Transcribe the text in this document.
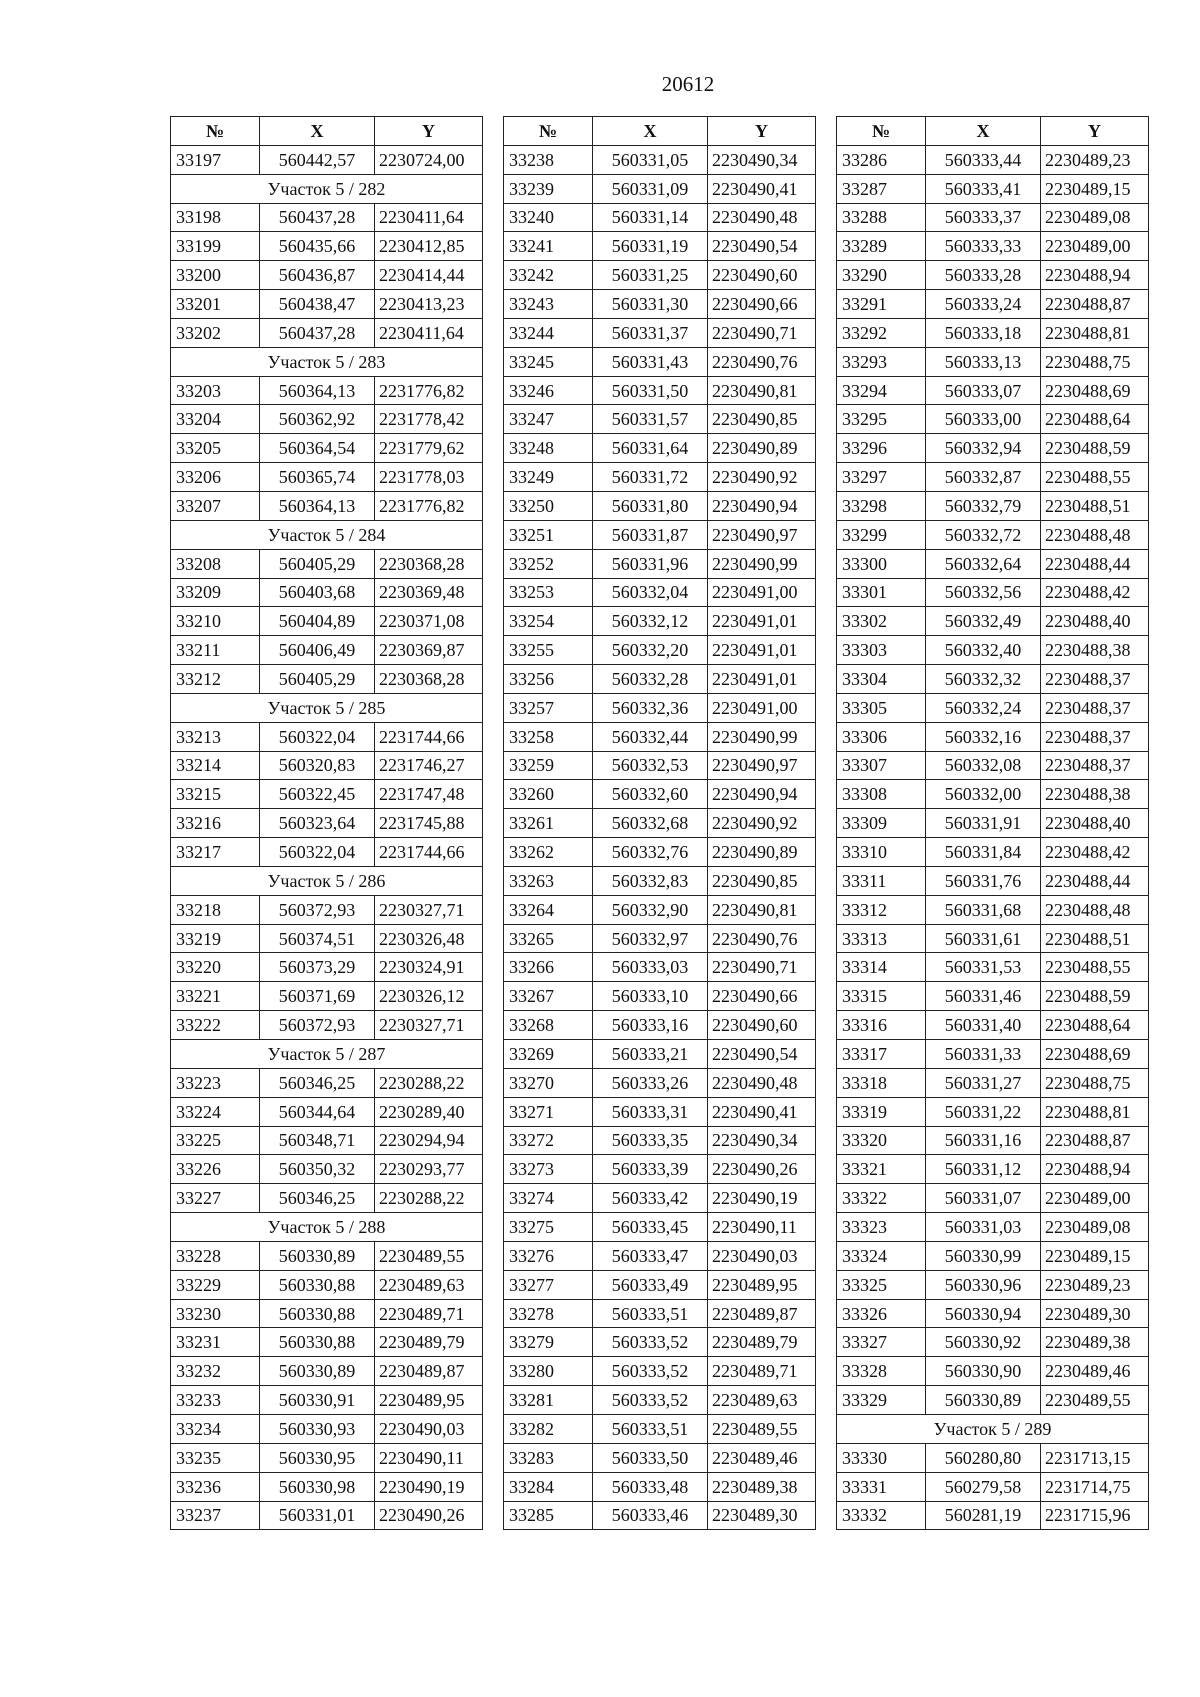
20612
№	X	Y
33197	560442,57	2230724,00
Участок 5 / 282		
33198	560437,28	2230411,64
33199	560435,66	2230412,85
33200	560436,87	2230414,44
33201	560438,47	2230413,23
33202	560437,28	2230411,64
Участок 5 / 283		
33203	560364,13	2231776,82
33204	560362,92	2231778,42
33205	560364,54	2231779,62
33206	560365,74	2231778,03
33207	560364,13	2231776,82
Участок 5 / 284		
33208	560405,29	2230368,28
33209	560403,68	2230369,48
33210	560404,89	2230371,08
33211	560406,49	2230369,87
33212	560405,29	2230368,28
Участок 5 / 285		
33213	560322,04	2231744,66
33214	560320,83	2231746,27
33215	560322,45	2231747,48
33216	560323,64	2231745,88
33217	560322,04	2231744,66
Участок 5 / 286		
33218	560372,93	2230327,71
33219	560374,51	2230326,48
33220	560373,29	2230324,91
33221	560371,69	2230326,12
33222	560372,93	2230327,71
Участок 5 / 287		
33223	560346,25	2230288,22
33224	560344,64	2230289,40
33225	560348,71	2230294,94
33226	560350,32	2230293,77
33227	560346,25	2230288,22
Участок 5 / 288		
33228	560330,89	2230489,55
33229	560330,88	2230489,63
33230	560330,88	2230489,71
33231	560330,88	2230489,79
33232	560330,89	2230489,87
33233	560330,91	2230489,95
33234	560330,93	2230490,03
33235	560330,95	2230490,11
33236	560330,98	2230490,19
33237	560331,01	2230490,26
№	X	Y
33238	560331,05	2230490,34
33239	560331,09	2230490,41
33240	560331,14	2230490,48
33241	560331,19	2230490,54
33242	560331,25	2230490,60
33243	560331,30	2230490,66
33244	560331,37	2230490,71
33245	560331,43	2230490,76
33246	560331,50	2230490,81
33247	560331,57	2230490,85
33248	560331,64	2230490,89
33249	560331,72	2230490,92
33250	560331,80	2230490,94
33251	560331,87	2230490,97
33252	560331,96	2230490,99
33253	560332,04	2230491,00
33254	560332,12	2230491,01
33255	560332,20	2230491,01
33256	560332,28	2230491,01
33257	560332,36	2230491,00
33258	560332,44	2230490,99
33259	560332,53	2230490,97
33260	560332,60	2230490,94
33261	560332,68	2230490,92
33262	560332,76	2230490,89
33263	560332,83	2230490,85
33264	560332,90	2230490,81
33265	560332,97	2230490,76
33266	560333,03	2230490,71
33267	560333,10	2230490,66
33268	560333,16	2230490,60
33269	560333,21	2230490,54
33270	560333,26	2230490,48
33271	560333,31	2230490,41
33272	560333,35	2230490,34
33273	560333,39	2230490,26
33274	560333,42	2230490,19
33275	560333,45	2230490,11
33276	560333,47	2230490,03
33277	560333,49	2230489,95
33278	560333,51	2230489,87
33279	560333,52	2230489,79
33280	560333,52	2230489,71
33281	560333,52	2230489,63
33282	560333,51	2230489,55
33283	560333,50	2230489,46
33284	560333,48	2230489,38
33285	560333,46	2230489,30
№	X	Y
33286	560333,44	2230489,23
33287	560333,41	2230489,15
33288	560333,37	2230489,08
33289	560333,33	2230489,00
33290	560333,28	2230488,94
33291	560333,24	2230488,87
33292	560333,18	2230488,81
33293	560333,13	2230488,75
33294	560333,07	2230488,69
33295	560333,00	2230488,64
33296	560332,94	2230488,59
33297	560332,87	2230488,55
33298	560332,79	2230488,51
33299	560332,72	2230488,48
33300	560332,64	2230488,44
33301	560332,56	2230488,42
33302	560332,49	2230488,40
33303	560332,40	2230488,38
33304	560332,32	2230488,37
33305	560332,24	2230488,37
33306	560332,16	2230488,37
33307	560332,08	2230488,37
33308	560332,00	2230488,38
33309	560331,91	2230488,40
33310	560331,84	2230488,42
33311	560331,76	2230488,44
33312	560331,68	2230488,48
33313	560331,61	2230488,51
33314	560331,53	2230488,55
33315	560331,46	2230488,59
33316	560331,40	2230488,64
33317	560331,33	2230488,69
33318	560331,27	2230488,75
33319	560331,22	2230488,81
33320	560331,16	2230488,87
33321	560331,12	2230488,94
33322	560331,07	2230489,00
33323	560331,03	2230489,08
33324	560330,99	2230489,15
33325	560330,96	2230489,23
33326	560330,94	2230489,30
33327	560330,92	2230489,38
33328	560330,90	2230489,46
33329	560330,89	2230489,55
Участок 5 / 289		
33330	560280,80	2231713,15
33331	560279,58	2231714,75
33332	560281,19	2231715,96
